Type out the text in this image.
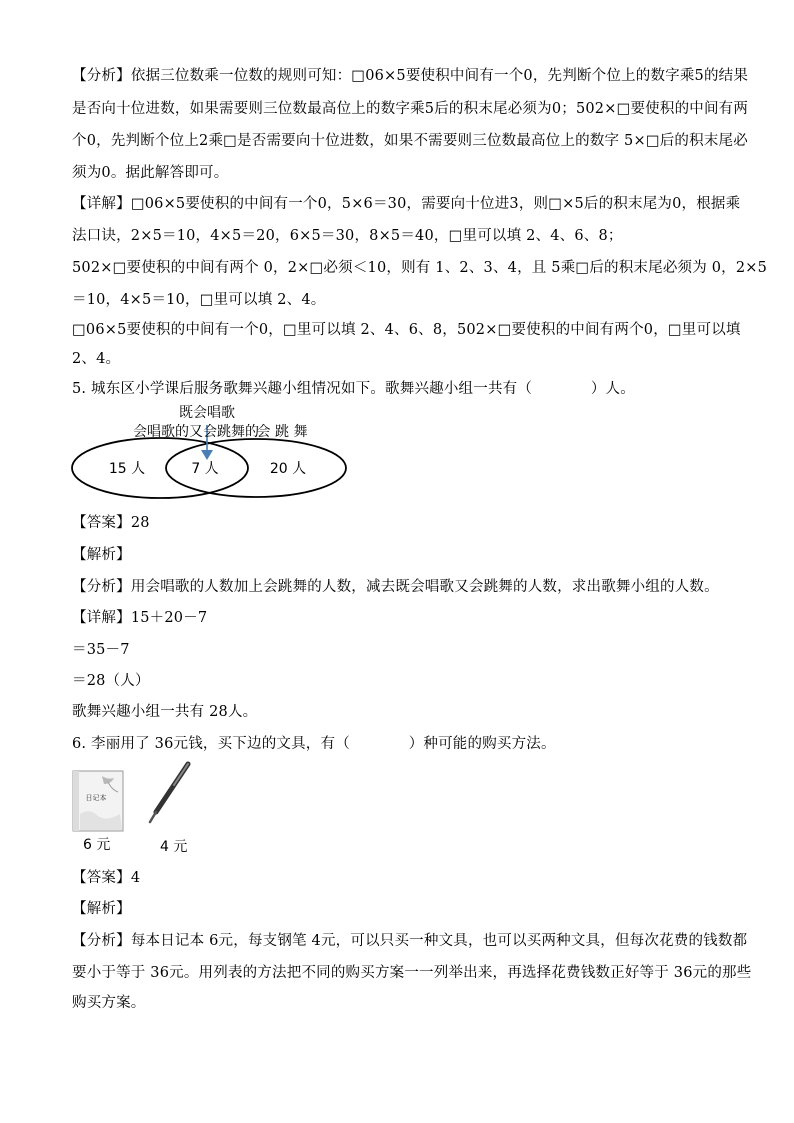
【分析】依据三位数乘一位数的规则可知：□06×5要使积中间有一个0，先判断个位上的数字乘5的结果
是否向十位进数，如果需要则三位数最高位上的数字乘5后的积末尾必须为0；502×□要使积的中间有两
个0，先判断个位上2乘□是否需要向十位进数，如果不需要则三位数最高位上的数字 5×□后的积末尾必
须为0。据此解答即可。
【详解】□06×5要使积的中间有一个0，5×6＝30，需要向十位进3，则□×5后的积末尾为0，根据乘
法口诀，2×5＝10，4×5＝20，6×5＝30，8×5＝40，□里可以填 2、4、6、8；
502×□要使积的中间有两个 0，2×□必须＜10，则有 1、2、3、4，且 5乘□后的积末尾必须为 0，2×5
＝10，4×5＝10，□里可以填 2、4。
□06×5要使积的中间有一个0，□里可以填 2、4、6、8，502×□要使积的中间有两个0，□里可以填
2、4。
5. 城东区小学课后服务歌舞兴趣小组情况如下。歌舞兴趣小组一共有（　　　　）人。
既会唱歌
会唱歌的又会跳舞的
会 跳 舞
15 人	7 人	20 人
【答案】28
【解析】
【分析】用会唱歌的人数加上会跳舞的人数，减去既会唱歌又会跳舞的人数，求出歌舞小组的人数。
【详解】15＋20－7
＝35－7
＝28（人）
歌舞兴趣小组一共有 28人。
6. 李丽用了 36元钱，买下边的文具，有（　　　　）种可能的购买方法。
日记本
6 元	4 元
【答案】4
【解析】
【分析】每本日记本 6元，每支钢笔 4元，可以只买一种文具，也可以买两种文具，但每次花费的钱数都
要小于等于 36元。用列表的方法把不同的购买方案一一列举出来，再选择花费钱数正好等于 36元的那些
购买方案。
